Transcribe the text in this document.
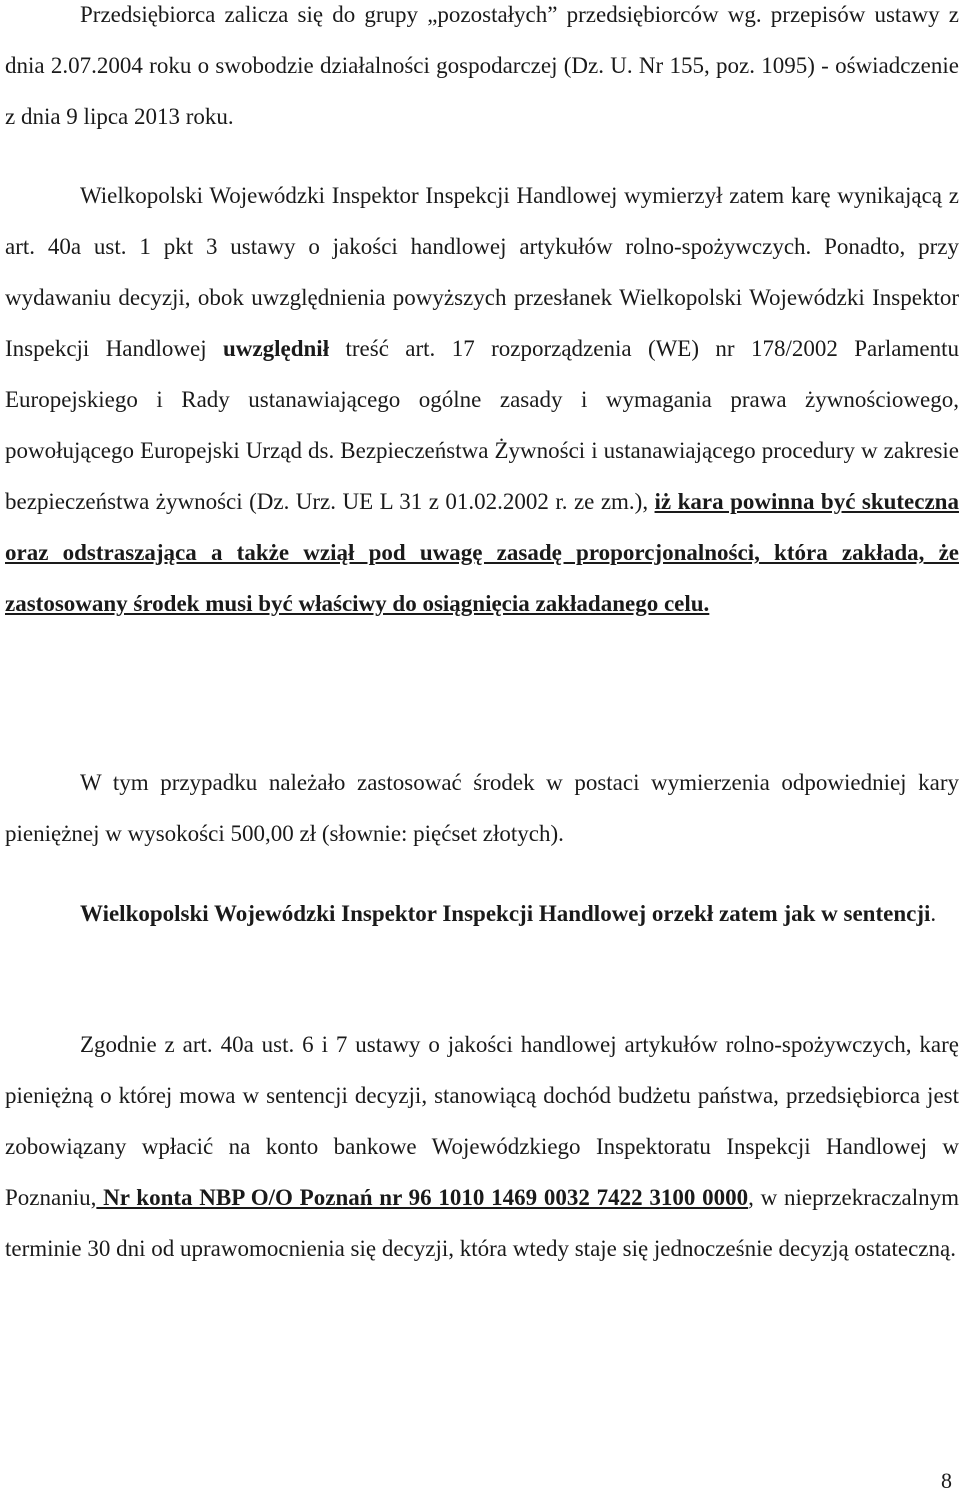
Przedsiębiorca zalicza się do grupy „pozostałych” przedsiębiorców wg. przepisów ustawy z dnia 2.07.2004 roku o swobodzie działalności gospodarczej (Dz. U. Nr 155, poz. 1095) - oświadczenie z dnia 9 lipca 2013 roku.

Wielkopolski Wojewódzki Inspektor Inspekcji Handlowej wymierzył zatem karę wynikającą z art. 40a ust. 1 pkt 3 ustawy o jakości handlowej artykułów rolno-spożywczych. Ponadto, przy wydawaniu decyzji, obok uwzględnienia powyższych przesłanek Wielkopolski Wojewódzki Inspektor Inspekcji Handlowej uwzględnił treść art. 17 rozporządzenia (WE) nr 178/2002 Parlamentu Europejskiego i Rady ustanawiającego ogólne zasady i wymagania prawa żywnościowego, powołującego Europejski Urząd ds. Bezpieczeństwa Żywności i ustanawiającego procedury w zakresie bezpieczeństwa żywności (Dz. Urz. UE L 31 z 01.02.2002 r. ze zm.), iż kara powinna być skuteczna oraz odstraszająca a także wziął pod uwagę zasadę proporcjonalności, która zakłada, że zastosowany środek musi być właściwy do osiągnięcia zakładanego celu.

W tym przypadku należało zastosować środek w postaci wymierzenia odpowiedniej kary pieniężnej w wysokości 500,00 zł (słownie: pięćset złotych).

Wielkopolski Wojewódzki Inspektor Inspekcji Handlowej orzekł zatem jak w sentencji.

Zgodnie z art. 40a ust. 6 i 7 ustawy o jakości handlowej artykułów rolno-spożywczych, karę pieniężną o której mowa w sentencji decyzji, stanowiącą dochód budżetu państwa, przedsiębiorca jest zobowiązany wpłacić na konto bankowe Wojewódzkiego Inspektoratu Inspekcji Handlowej w Poznaniu, Nr konta NBP O/O Poznań nr 96 1010 1469 0032 7422 3100 0000, w nieprzekraczalnym terminie 30 dni od uprawomocnienia się decyzji, która wtedy staje się jednocześnie decyzją ostateczną.

8
